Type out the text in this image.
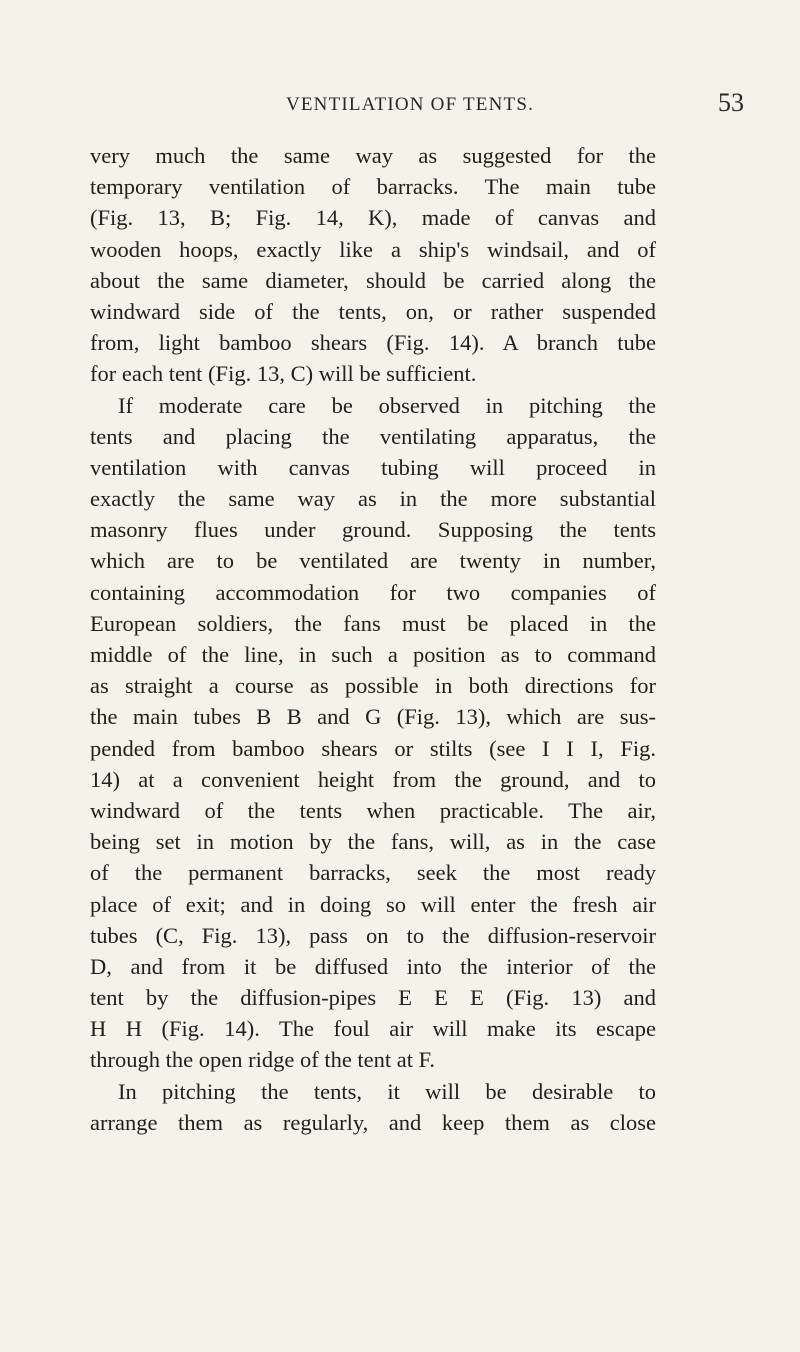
VENTILATION OF TENTS.	53
very much the same way as suggested for the
temporary ventilation of barracks. The main tube
(Fig. 13, B; Fig. 14, K), made of canvas and
wooden hoops, exactly like a ship's windsail, and of
about the same diameter, should be carried along the
windward side of the tents, on, or rather suspended
from, light bamboo shears (Fig. 14). A branch tube
for each tent (Fig. 13, C) will be sufficient.
If moderate care be observed in pitching the
tents and placing the ventilating apparatus, the
ventilation with canvas tubing will proceed in
exactly the same way as in the more substantial
masonry flues under ground. Supposing the tents
which are to be ventilated are twenty in number,
containing accommodation for two companies of
European soldiers, the fans must be placed in the
middle of the line, in such a position as to command
as straight a course as possible in both directions for
the main tubes B B and G (Fig. 13), which are sus-
pended from bamboo shears or stilts (see I I I, Fig.
14) at a convenient height from the ground, and to
windward of the tents when practicable. The air,
being set in motion by the fans, will, as in the case
of the permanent barracks, seek the most ready
place of exit; and in doing so will enter the fresh air
tubes (C, Fig. 13), pass on to the diffusion-reservoir
D, and from it be diffused into the interior of the
tent by the diffusion-pipes E E E (Fig. 13) and
H H (Fig. 14). The foul air will make its escape
through the open ridge of the tent at F.
In pitching the tents, it will be desirable to
arrange them as regularly, and keep them as close
